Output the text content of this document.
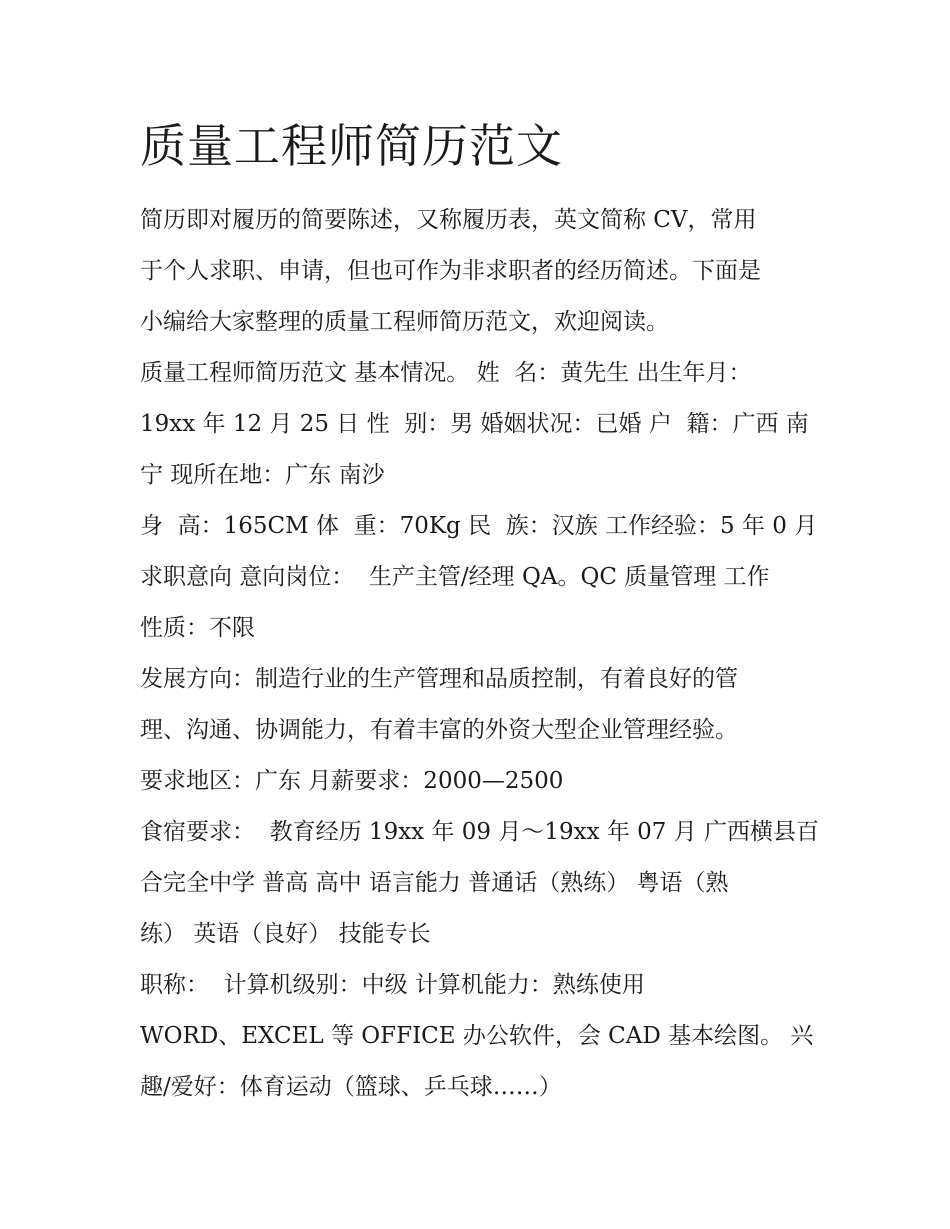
质量工程师简历范文

简历即对履历的简要陈述，又称履历表，英文简称 CV，常用

于个人求职、申请，但也可作为非求职者的经历简述。下面是

小编给大家整理的质量工程师简历范文，欢迎阅读。

质量工程师简历范文 基本情况。 姓  名：黄先生 出生年月：

19xx 年 12 月 25 日 性  别：男 婚姻状况：已婚 户  籍：广西 南

宁 现所在地：广东 南沙

身  高：165CM 体  重：70Kg 民  族：汉族 工作经验：5 年 0 月

求职意向 意向岗位：  生产主管/经理 QA。QC 质量管理 工作

性质：不限

发展方向：制造行业的生产管理和品质控制，有着良好的管

理、沟通、协调能力，有着丰富的外资大型企业管理经验。

要求地区：广东 月薪要求：2000—2500

食宿要求：  教育经历 19xx 年 09 月～19xx 年 07 月 广西横县百

合完全中学 普高 高中 语言能力 普通话（熟练） 粤语（熟

练） 英语（良好） 技能专长

职称：  计算机级别：中级 计算机能力：熟练使用

WORD、EXCEL 等 OFFICE 办公软件，会 CAD 基本绘图。 兴

趣/爱好：体育运动（篮球、乒乓球……）
